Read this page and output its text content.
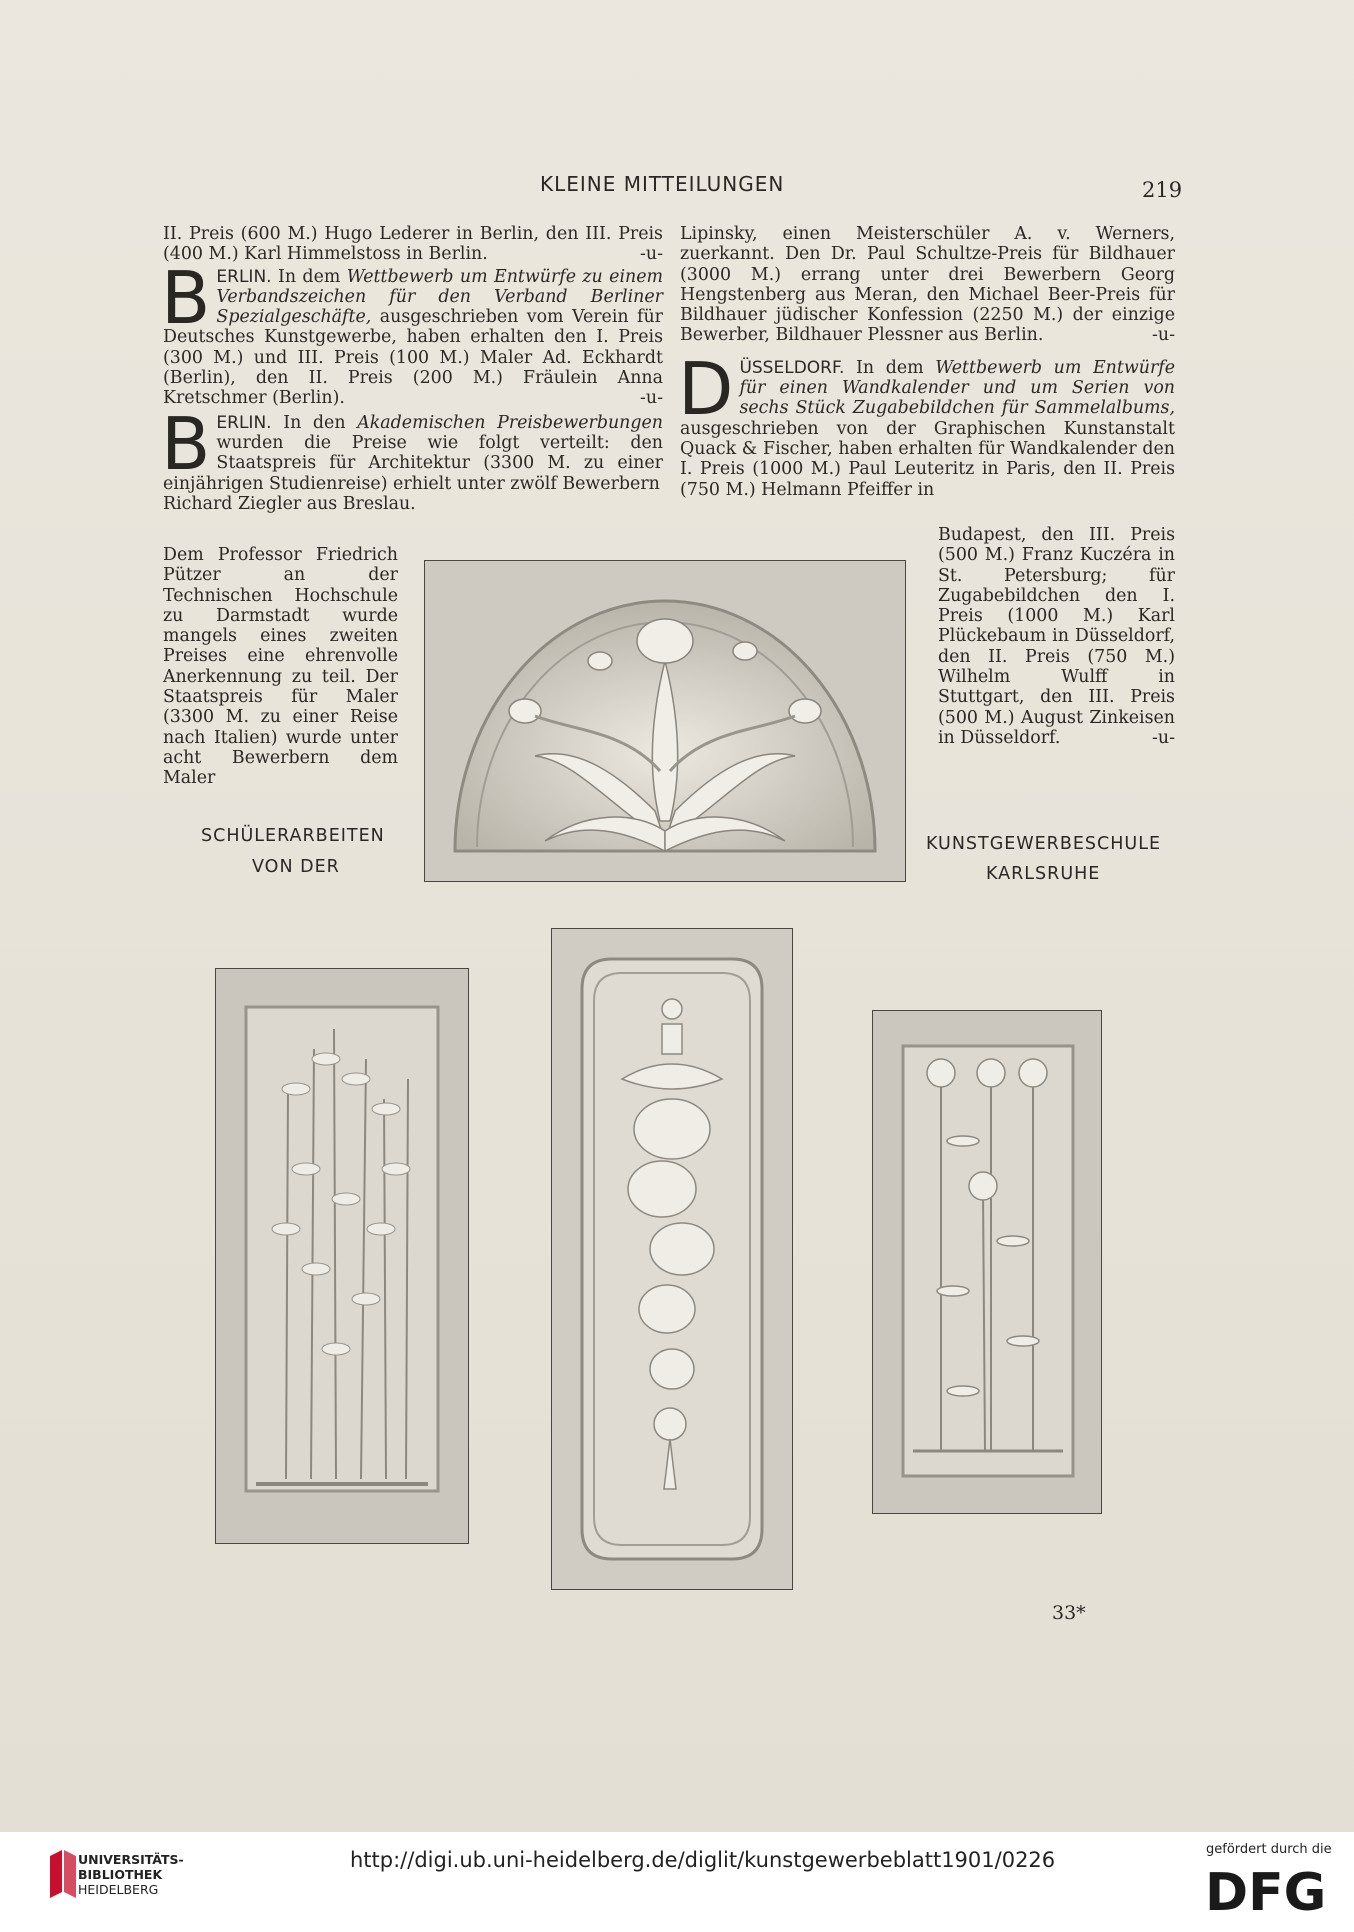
KLEINE MITTEILUNGEN	219

II. Preis (600 M.) Hugo Lederer in Berlin, den III. Preis (400 M.) Karl Himmelstoss in Berlin.	-u-

BERLIN. In dem Wettbewerb um Entwürfe zu einem Verbandszeichen für den Verband Berliner Spezialgeschäfte, ausgeschrieben vom Verein für Deutsches Kunstgewerbe, haben erhalten den I. Preis (300 M.) und III. Preis (100 M.) Maler Ad. Eckhardt (Berlin), den II. Preis (200 M.) Fräulein Anna Kretschmer (Berlin).	-u-

BERLIN. In den Akademischen Preisbewerbungen wurden die Preise wie folgt verteilt: den Staatspreis für Architektur (3300 M. zu einer einjährigen Studienreise) erhielt unter zwölf Bewerbern
Richard Ziegler aus Breslau.

Dem Professor Friedrich Pützer an der Technischen Hochschule zu Darmstadt wurde mangels eines zweiten Preises eine ehrenvolle Anerkennung zu teil. Der Staatspreis für Maler (3300 M. zu einer Reise nach Italien) wurde unter acht Bewerbern dem Maler

Lipinsky, einen Meisterschüler A. v. Werners, zuerkannt. Den Dr. Paul Schultze-Preis für Bildhauer (3000 M.) errang unter drei Bewerbern Georg Hengstenberg aus Meran, den Michael Beer-Preis für Bildhauer jüdischer Konfession (2250 M.) der einzige Bewerber, Bildhauer Plessner aus Berlin.	-u-

DÜSSELDORF. In dem Wettbewerb um Entwürfe für einen Wandkalender und um Serien von sechs Stück Zugabebildchen für Sammelalbums, ausgeschrieben von der Graphischen Kunstanstalt Quack & Fischer, haben erhalten für Wandkalender den I. Preis (1000 M.) Paul Leuteritz in Paris, den II. Preis (750 M.) Helmann Pfeiffer in

Budapest, den III. Preis (500 M.) Franz Kuczéra in St. Petersburg; für Zugabebildchen den I. Preis (1000 M.) Karl Plückebaum in Düsseldorf, den II. Preis (750 M.) Wilhelm Wulff in Stuttgart, den III. Preis (500 M.) August Zinkeisen in Düsseldorf.	-u-
SCHÜLERARBEITEN
VON DER
KUNSTGEWERBESCHULE
KARLSRUHE
33*
UNIVERSITÄTS-
BIBLIOTHEK
HEIDELBERG
http://digi.ub.uni-heidelberg.de/diglit/kunstgewerbeblatt1901/0226	gefördert durch die
DFG
